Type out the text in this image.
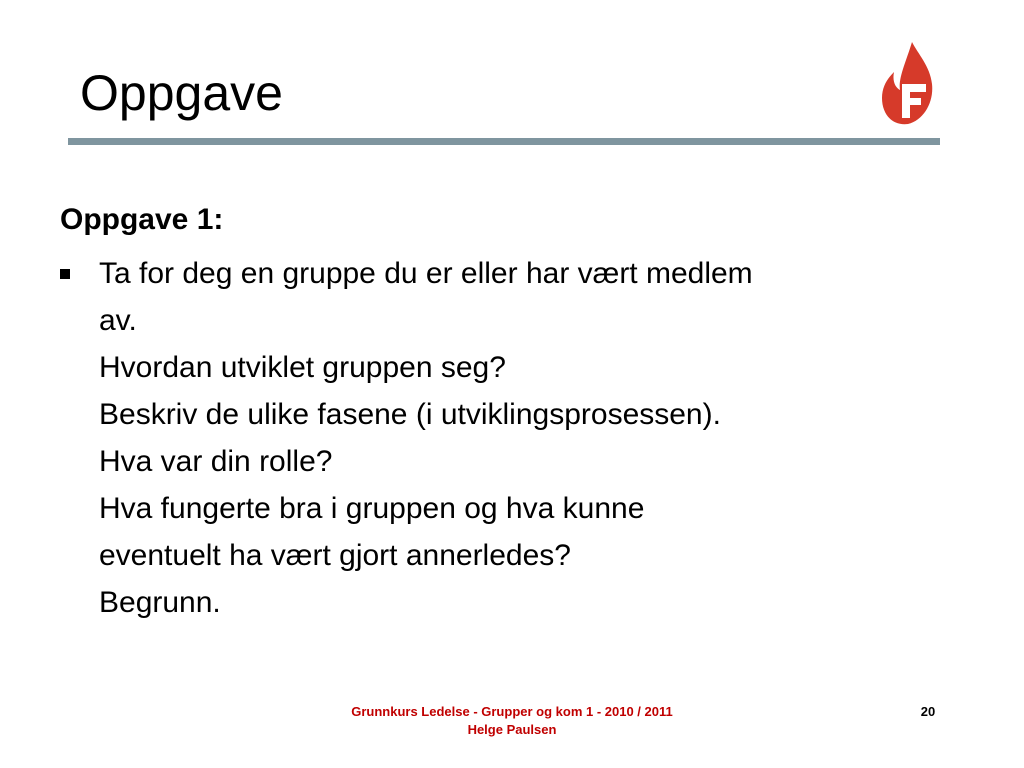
Oppgave

Oppgave 1:

Ta for deg en gruppe du er eller har vært medlem
av.
Hvordan utviklet gruppen seg?
Beskriv de ulike fasene (i utviklingsprosessen).
Hva var din rolle?
Hva fungerte bra i gruppen og hva kunne
eventuelt ha vært gjort annerledes?
Begrunn.
Grunnkurs Ledelse - Grupper og kom 1 - 2010 / 2011
Helge Paulsen
20
